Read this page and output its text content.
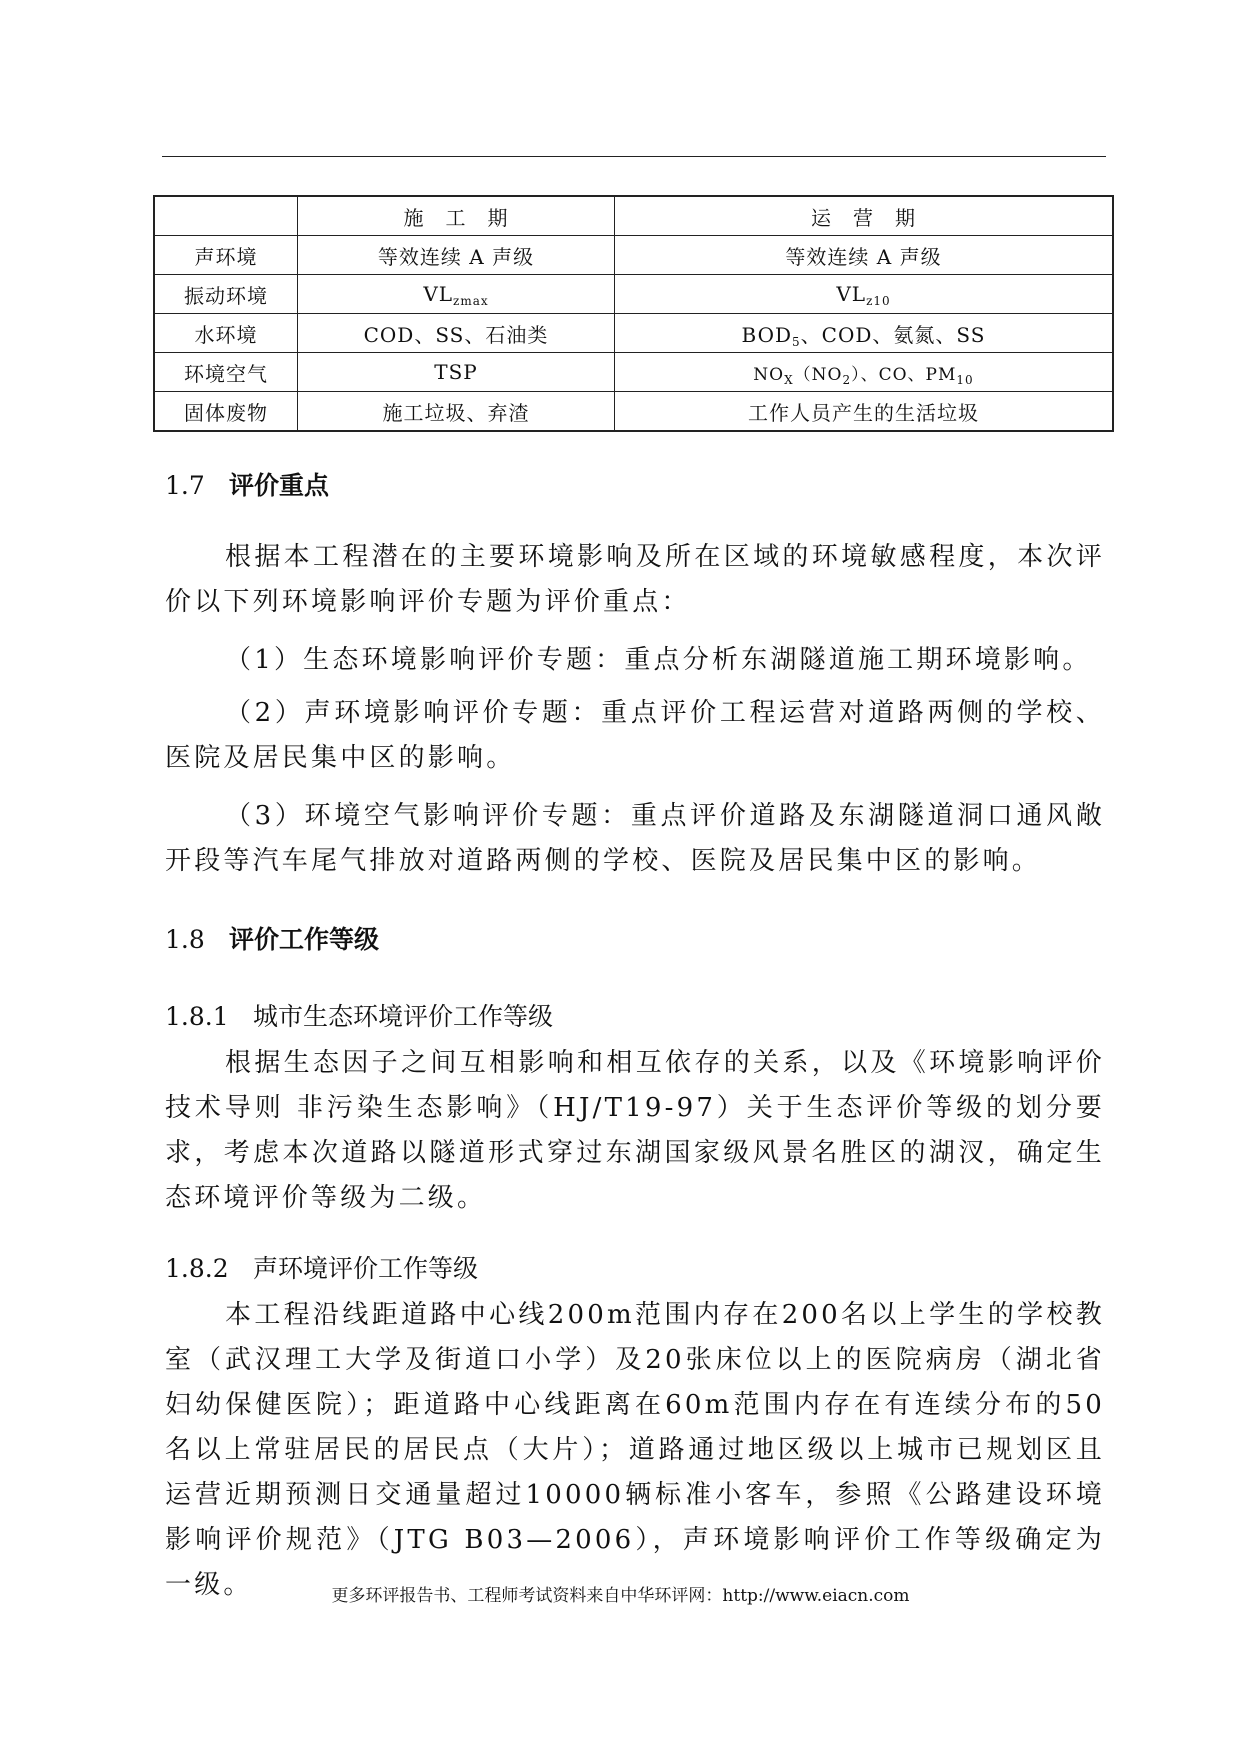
	施　工　期	运　营　期
声环境	等效连续 A 声级	等效连续 A 声级
振动环境	$VL_{zmax}$	$VL_{z10}$
水环境	COD、SS、石油类	$BOD_5$、COD、氨氮、SS
环境空气	TSP	$NO_X(NO_2)$、CO、$PM_{10}$
固体废物	施工垃圾、弃渣	工作人员产生的生活垃圾
1.7 评价重点
根据本工程潜在的主要环境影响及所在区域的环境敏感程度，本次评价以下列环境影响评价专题为评价重点：
（1）生态环境影响评价专题：重点分析东湖隧道施工期环境影响。
（2）声环境影响评价专题：重点评价工程运营对道路两侧的学校、医院及居民集中区的影响。
（3）环境空气影响评价专题：重点评价道路及东湖隧道洞口通风敞开段等汽车尾气排放对道路两侧的学校、医院及居民集中区的影响。
1.8 评价工作等级
1.8.1 城市生态环境评价工作等级
根据生态因子之间互相影响和相互依存的关系，以及《环境影响评价技术导则 非污染生态影响》（HJ/T19-97）关于生态评价等级的划分要求，考虑本次道路以隧道形式穿过东湖国家级风景名胜区的湖汊，确定生态环境评价等级为二级。
1.8.2 声环境评价工作等级
本工程沿线距道路中心线200m范围内存在200名以上学生的学校教室（武汉理工大学及街道口小学）及20张床位以上的医院病房（湖北省妇幼保健医院）；距道路中心线距离在60m范围内存在有连续分布的50名以上常驻居民的居民点（大片）；道路通过地区级以上城市已规划区且运营近期预测日交通量超过10000辆标准小客车，参照《公路建设环境影响评价规范》（JTG B03—2006），声环境影响评价工作等级确定为一级。	更多环评报告书、工程师考试资料来自中华环评网：http://www.eiacn.com
